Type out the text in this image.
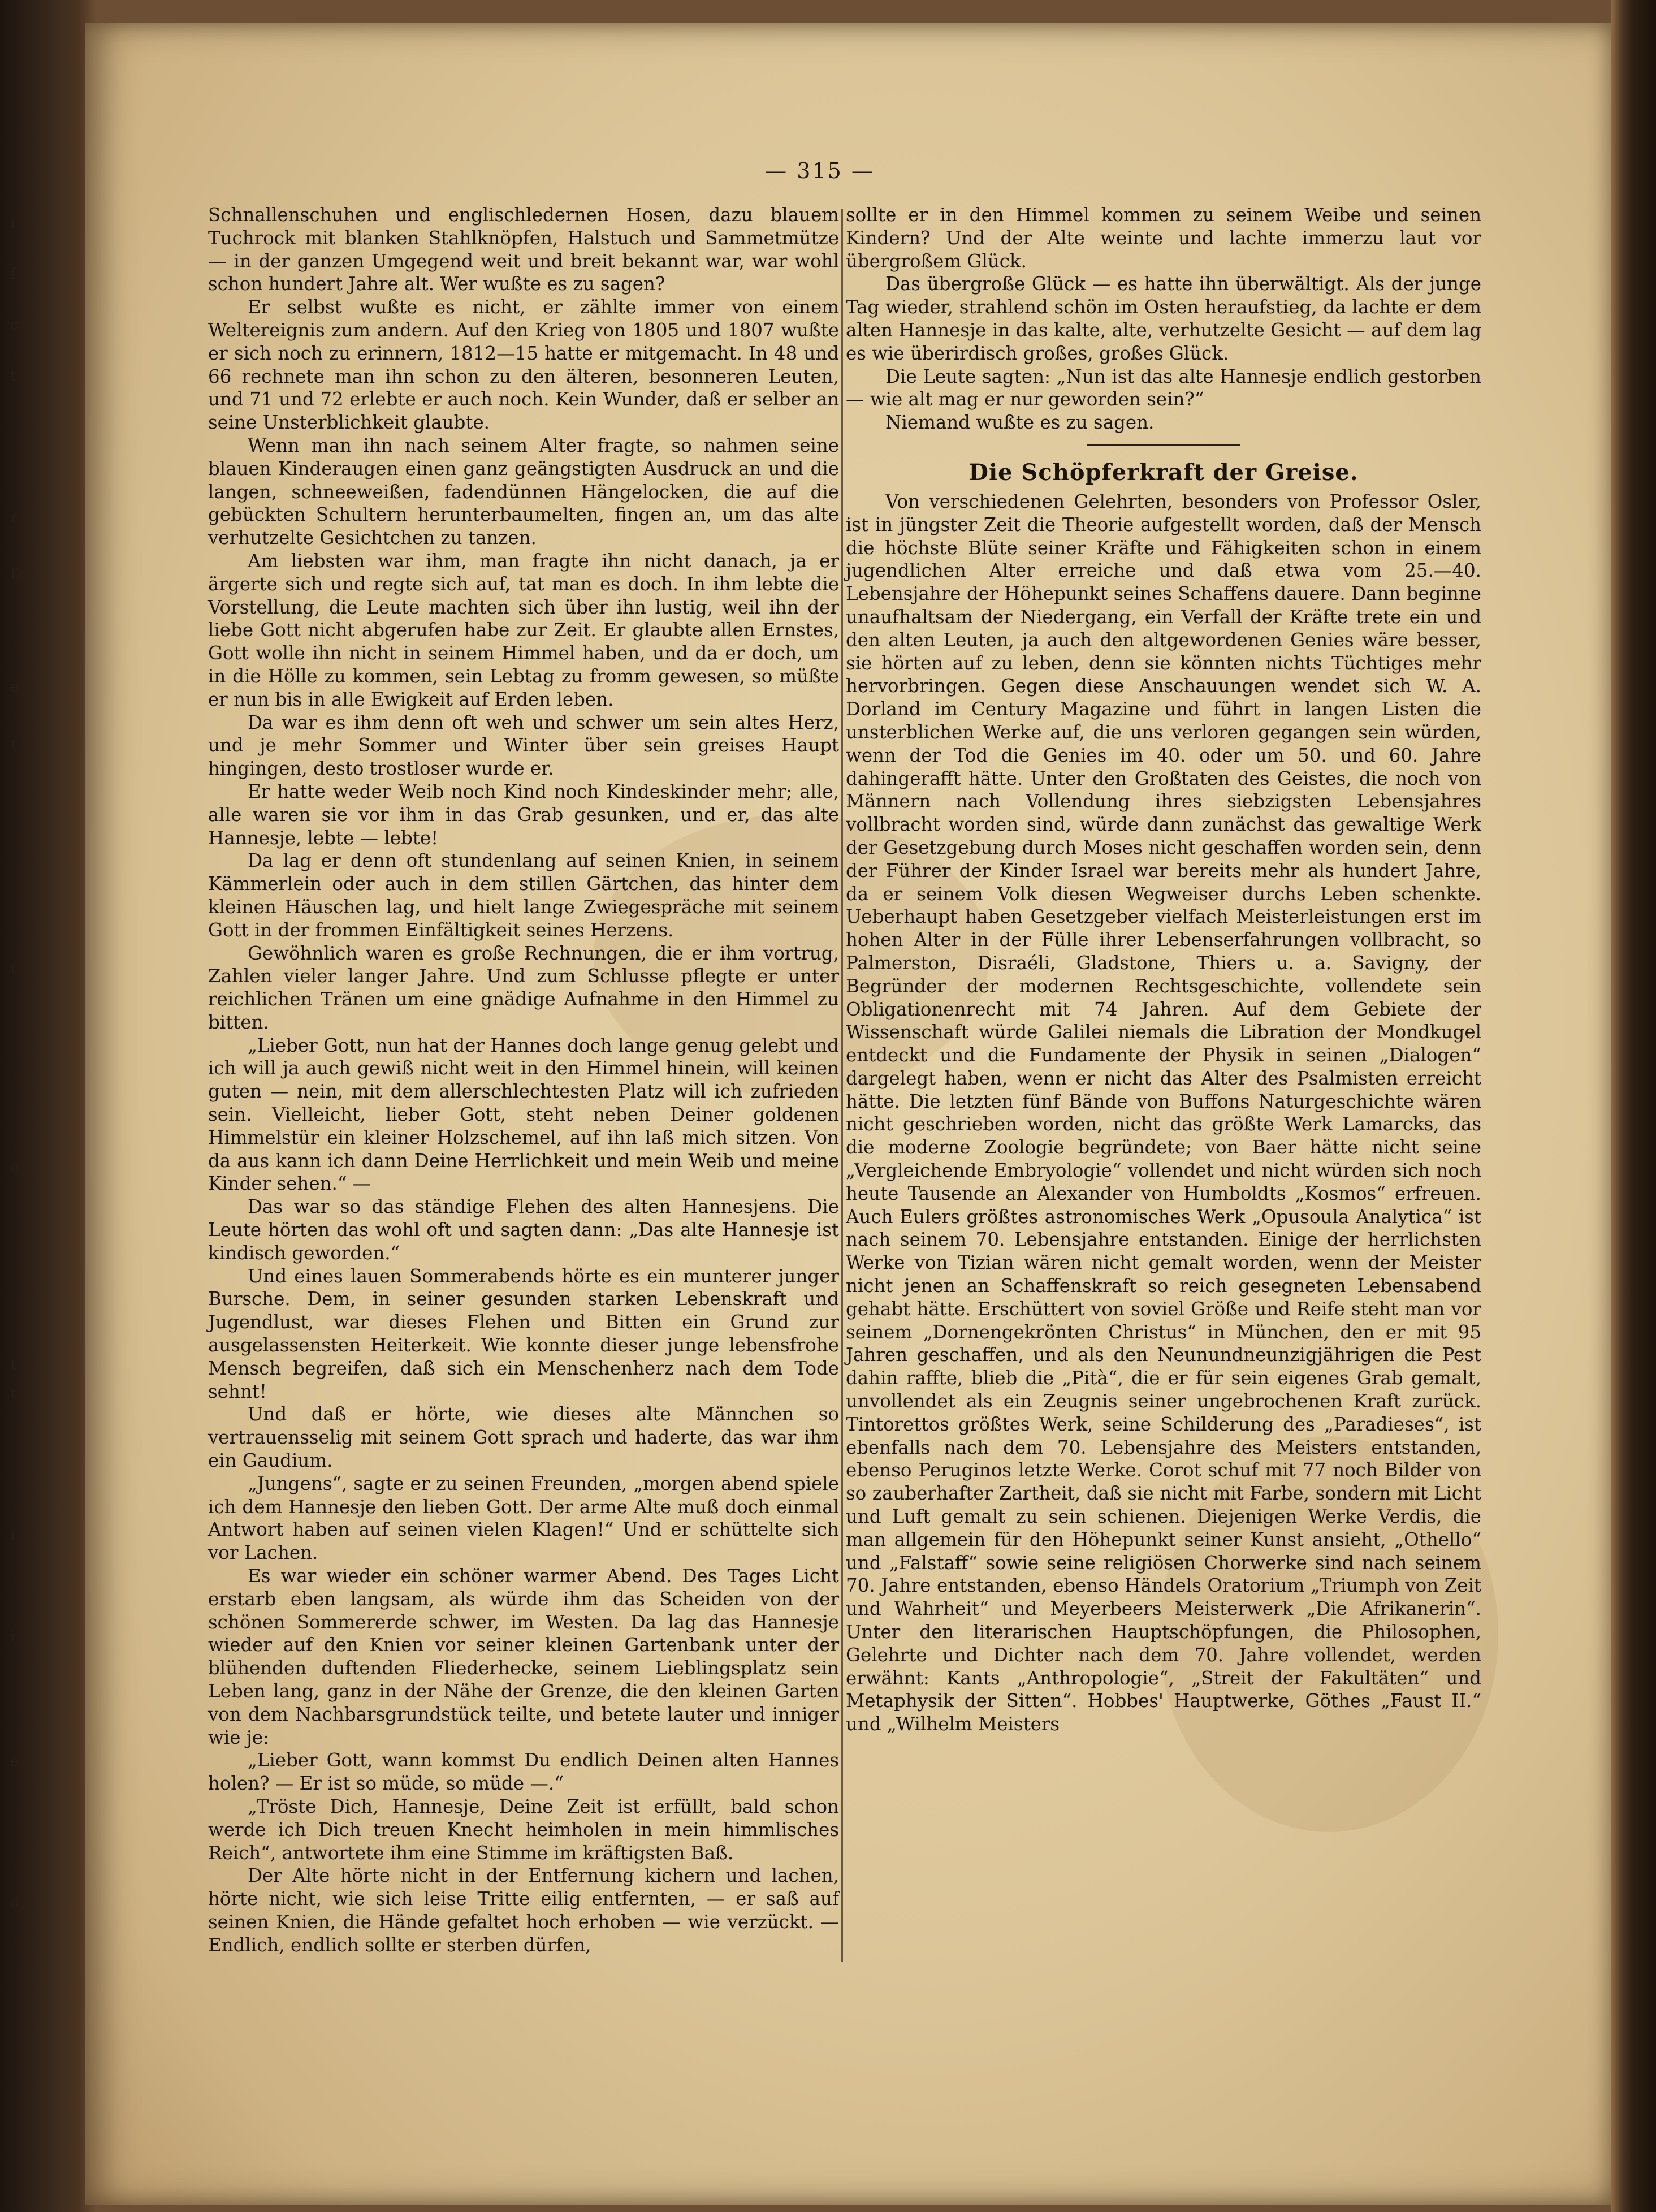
i
f
c
t
r
D
e
r
i
e
t
t
i
i
e
d
— 315 —

Schnallenschuhen und englischledernen Hosen, dazu blauem Tuchrock mit blanken Stahlknöpfen, Halstuch und Sammetmütze — in der ganzen Umgegend weit und breit bekannt war, war wohl schon hundert Jahre alt. Wer wußte es zu sagen?

Er selbst wußte es nicht, er zählte immer von einem Weltereignis zum andern. Auf den Krieg von 1805 und 1807 wußte er sich noch zu erinnern, 1812—15 hatte er mitgemacht. In 48 und 66 rechnete man ihn schon zu den älteren, besonneren Leuten, und 71 und 72 erlebte er auch noch. Kein Wunder, daß er selber an seine Unsterblichkeit glaubte.

Wenn man ihn nach seinem Alter fragte, so nahmen seine blauen Kinderaugen einen ganz geängstigten Ausdruck an und die langen, schneeweißen, fadendünnen Hängelocken, die auf die gebückten Schultern herunterbaumelten, fingen an, um das alte verhutzelte Gesichtchen zu tanzen.

Am liebsten war ihm, man fragte ihn nicht danach, ja er ärgerte sich und regte sich auf, tat man es doch. In ihm lebte die Vorstellung, die Leute machten sich über ihn lustig, weil ihn der liebe Gott nicht abgerufen habe zur Zeit. Er glaubte allen Ernstes, Gott wolle ihn nicht in seinem Himmel haben, und da er doch, um in die Hölle zu kommen, sein Lebtag zu fromm gewesen, so müßte er nun bis in alle Ewigkeit auf Erden leben.

Da war es ihm denn oft weh und schwer um sein altes Herz, und je mehr Sommer und Winter über sein greises Haupt hingingen, desto trostloser wurde er.

Er hatte weder Weib noch Kind noch Kindeskinder mehr; alle, alle waren sie vor ihm in das Grab gesunken, und er, das alte Hannesje, lebte — lebte!

Da lag er denn oft stundenlang auf seinen Knien, in seinem Kämmerlein oder auch in dem stillen Gärtchen, das hinter dem kleinen Häuschen lag, und hielt lange Zwiegespräche mit seinem Gott in der frommen Einfältigkeit seines Herzens.

Gewöhnlich waren es große Rechnungen, die er ihm vortrug, Zahlen vieler langer Jahre. Und zum Schlusse pflegte er unter reichlichen Tränen um eine gnädige Aufnahme in den Himmel zu bitten.

„Lieber Gott, nun hat der Hannes doch lange genug gelebt und ich will ja auch gewiß nicht weit in den Himmel hinein, will keinen guten — nein, mit dem allerschlechtesten Platz will ich zufrieden sein. Vielleicht, lieber Gott, steht neben Deiner goldenen Himmelstür ein kleiner Holzschemel, auf ihn laß mich sitzen. Von da aus kann ich dann Deine Herrlichkeit und mein Weib und meine Kinder sehen.“ —

Das war so das ständige Flehen des alten Hannesjens. Die Leute hörten das wohl oft und sagten dann: „Das alte Hannesje ist kindisch geworden.“

Und eines lauen Sommerabends hörte es ein munterer junger Bursche. Dem, in seiner gesunden starken Lebenskraft und Jugendlust, war dieses Flehen und Bitten ein Grund zur ausgelassensten Heiterkeit. Wie konnte dieser junge lebensfrohe Mensch begreifen, daß sich ein Menschenherz nach dem Tode sehnt!

Und daß er hörte, wie dieses alte Männchen so vertrauensselig mit seinem Gott sprach und haderte, das war ihm ein Gaudium.

„Jungens“, sagte er zu seinen Freunden, „morgen abend spiele ich dem Hannesje den lieben Gott. Der arme Alte muß doch einmal Antwort haben auf seinen vielen Klagen!“ Und er schüttelte sich vor Lachen.

Es war wieder ein schöner warmer Abend. Des Tages Licht erstarb eben langsam, als würde ihm das Scheiden von der schönen Sommererde schwer, im Westen. Da lag das Hannesje wieder auf den Knien vor seiner kleinen Gartenbank unter der blühenden duftenden Fliederhecke, seinem Lieblingsplatz sein Leben lang, ganz in der Nähe der Grenze, die den kleinen Garten von dem Nachbarsgrundstück teilte, und betete lauter und inniger wie je:

„Lieber Gott, wann kommst Du endlich Deinen alten Hannes holen? — Er ist so müde, so müde —.“

„Tröste Dich, Hannesje, Deine Zeit ist erfüllt, bald schon werde ich Dich treuen Knecht heimholen in mein himmlisches Reich“, antwortete ihm eine Stimme im kräftigsten Baß.

Der Alte hörte nicht in der Entfernung kichern und lachen, hörte nicht, wie sich leise Tritte eilig entfernten, — er saß auf seinen Knien, die Hände gefaltet hoch erhoben — wie verzückt. — Endlich, endlich sollte er sterben dürfen,

sollte er in den Himmel kommen zu seinem Weibe und seinen Kindern? Und der Alte weinte und lachte immerzu laut vor übergroßem Glück.

Das übergroße Glück — es hatte ihn überwältigt. Als der junge Tag wieder, strahlend schön im Osten heraufstieg, da lachte er dem alten Hannesje in das kalte, alte, verhutzelte Gesicht — auf dem lag es wie überirdisch großes, großes Glück.

Die Leute sagten: „Nun ist das alte Hannesje endlich gestorben — wie alt mag er nur geworden sein?“

Niemand wußte es zu sagen.

Die Schöpferkraft der Greise.

Von verschiedenen Gelehrten, besonders von Professor Osler, ist in jüngster Zeit die Theorie aufgestellt worden, daß der Mensch die höchste Blüte seiner Kräfte und Fähigkeiten schon in einem jugendlichen Alter erreiche und daß etwa vom 25.—40. Lebensjahre der Höhepunkt seines Schaffens dauere. Dann beginne unaufhaltsam der Niedergang, ein Verfall der Kräfte trete ein und den alten Leuten, ja auch den altgewordenen Genies wäre besser, sie hörten auf zu leben, denn sie könnten nichts Tüchtiges mehr hervorbringen. Gegen diese Anschauungen wendet sich W. A. Dorland im Century Magazine und führt in langen Listen die unsterblichen Werke auf, die uns verloren gegangen sein würden, wenn der Tod die Genies im 40. oder um 50. und 60. Jahre dahingerafft hätte. Unter den Großtaten des Geistes, die noch von Männern nach Vollendung ihres siebzigsten Lebensjahres vollbracht worden sind, würde dann zunächst das gewaltige Werk der Gesetzgebung durch Moses nicht geschaffen worden sein, denn der Führer der Kinder Israel war bereits mehr als hundert Jahre, da er seinem Volk diesen Wegweiser durchs Leben schenkte. Ueberhaupt haben Gesetzgeber vielfach Meisterleistungen erst im hohen Alter in der Fülle ihrer Lebenserfahrungen vollbracht, so Palmerston, Disraéli, Gladstone, Thiers u. a. Savigny, der Begründer der modernen Rechtsgeschichte, vollendete sein Obligationenrecht mit 74 Jahren. Auf dem Gebiete der Wissenschaft würde Galilei niemals die Libration der Mondkugel entdeckt und die Fundamente der Physik in seinen „Dialogen“ dargelegt haben, wenn er nicht das Alter des Psalmisten erreicht hätte. Die letzten fünf Bände von Buffons Naturgeschichte wären nicht geschrieben worden, nicht das größte Werk Lamarcks, das die moderne Zoologie begründete; von Baer hätte nicht seine „Vergleichende Embryologie“ vollendet und nicht würden sich noch heute Tausende an Alexander von Humboldts „Kosmos“ erfreuen. Auch Eulers größtes astronomisches Werk „Opusoula Analytica“ ist nach seinem 70. Lebensjahre entstanden. Einige der herrlichsten Werke von Tizian wären nicht gemalt worden, wenn der Meister nicht jenen an Schaffenskraft so reich gesegneten Lebensabend gehabt hätte. Erschüttert von soviel Größe und Reife steht man vor seinem „Dornengekrönten Christus“ in München, den er mit 95 Jahren geschaffen, und als den Neunundneunzigjährigen die Pest dahin raffte, blieb die „Pità“, die er für sein eigenes Grab gemalt, unvollendet als ein Zeugnis seiner ungebrochenen Kraft zurück. Tintorettos größtes Werk, seine Schilderung des „Paradieses“, ist ebenfalls nach dem 70. Lebensjahre des Meisters entstanden, ebenso Peruginos letzte Werke. Corot schuf mit 77 noch Bilder von so zauberhafter Zartheit, daß sie nicht mit Farbe, sondern mit Licht und Luft gemalt zu sein schienen. Diejenigen Werke Verdis, die man allgemein für den Höhepunkt seiner Kunst ansieht, „Othello“ und „Falstaff“ sowie seine religiösen Chorwerke sind nach seinem 70. Jahre entstanden, ebenso Händels Oratorium „Triumph von Zeit und Wahrheit“ und Meyerbeers Meisterwerk „Die Afrikanerin“. Unter den literarischen Hauptschöpfungen, die Philosophen, Gelehrte und Dichter nach dem 70. Jahre vollendet, werden erwähnt: Kants „Anthropologie“, „Streit der Fakultäten“ und Metaphysik der Sitten“. Hobbes' Hauptwerke, Göthes „Faust II.“ und „Wilhelm Meisters
